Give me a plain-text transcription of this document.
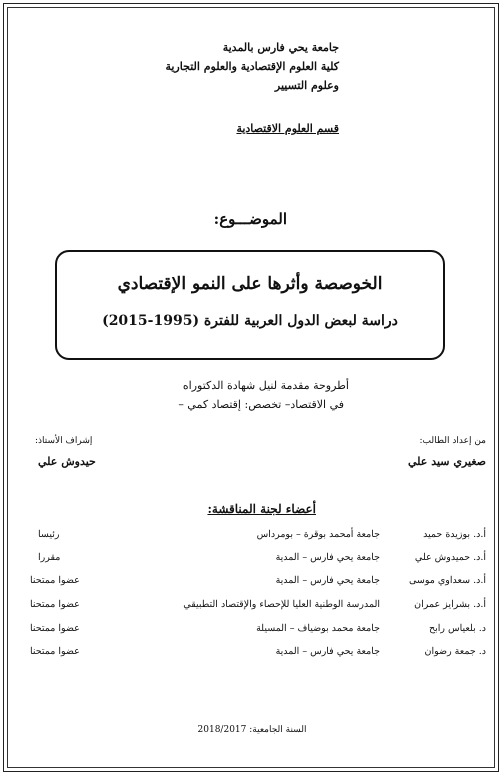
جامعة يحي فارس بالمدية
كلية العلوم الإقتصادية والعلوم التجارية
وعلوم التسيير
قسم العلوم الاقتصادية
الموضـــوع:
الخوصصة وأثرها على النمو الإقتصادي
دراسة لبعض الدول العربية للفترة (1995-2015)
أطروحة مقدمة لنيل شهادة الدكتوراه
في الاقتصاد– تخصص: إقتصاد كمي –
من إعداد الطالب:
صغيري سيد علي
إشراف الأستاذ:
حيدوش علي
أعضاء لجنة المناقشة:
أ.د. بوزيدة حميد
جامعة أمحمد بوقرة – بومرداس
رئيسا
أ.د. حميدوش علي
جامعة يحي فارس – المدية
مقررا
أ.د. سعداوي موسى
جامعة يحي فارس – المدية
عضوا ممتحنا
أ.د. بشرايز عمران
المدرسة الوطنية العليا للإحصاء والإقتصاد التطبيقي
عضوا ممتحنا
د. بلعياس رابح
جامعة محمد بوضياف – المسيلة
عضوا ممتحنا
د. جمعة رضوان
جامعة يحي فارس – المدية
عضوا ممتحنا
السنة الجامعية: 2018/2017
